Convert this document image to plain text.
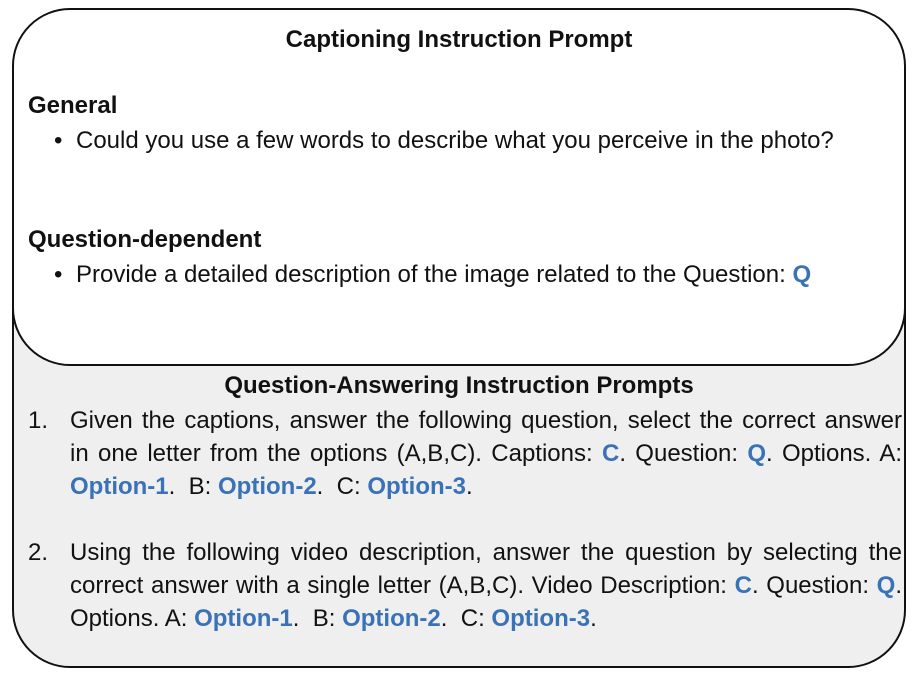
Captioning Instruction Prompt
General
• Could you use a few words to describe what you perceive in the photo?
Question-dependent
• Provide a detailed description of the image related to the Question: Q
Question-Answering Instruction Prompts
1. Given the captions, answer the following question, select the correct answer in one letter from the options (A,B,C). Captions: C. Question: Q. Options. A: Option-1.  B: Option-2.  C: Option-3.
2. Using the following video description, answer the question by selecting the correct answer with a single letter (A,B,C). Video Description: C. Question: Q. Options. A: Option-1.  B: Option-2.  C: Option-3.
